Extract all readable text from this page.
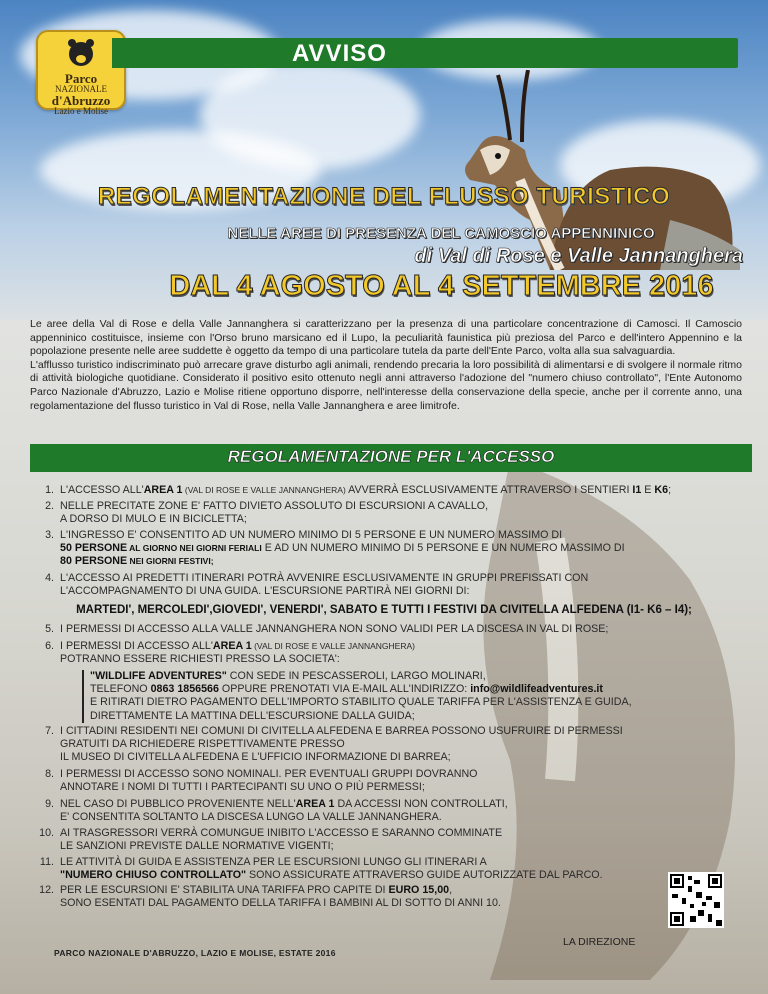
Parco
NAZIONALE
d'Abruzzo
Lazio e Molise
AVVISO
REGOLAMENTAZIONE DEL FLUSSO TURISTICO
NELLE AREE DI PRESENZA DEL CAMOSCIO APPENNINICO
di Val di Rose e Valle Jannanghera
DAL 4 AGOSTO AL 4 SETTEMBRE 2016

Le aree della Val di Rose e della Valle Jannanghera si caratterizzano per la presenza di una particolare concentrazione di Camosci. Il Camoscio appenninico costituisce, insieme con l'Orso bruno marsicano ed il Lupo, la peculiarità faunistica più preziosa del Parco e dell'intero Appennino e la popolazione presente nelle aree suddette è oggetto da tempo di una particolare tutela da parte dell'Ente Parco, volta alla sua salvaguardia.

L'afflusso turistico indiscriminato può arrecare grave disturbo agli animali, rendendo precaria la loro possibilità di alimentarsi e di svolgere il normale ritmo di attività biologiche quotidiane. Considerato il positivo esito ottenuto negli anni attraverso l'adozione del "numero chiuso controllato", l'Ente Autonomo Parco Nazionale d'Abruzzo, Lazio e Molise ritiene opportuno disporre, nell'interesse della conservazione della specie, anche per il corrente anno, una regolamentazione del flusso turistico in Val di Rose, nella Valle Jannanghera e aree limitrofe.

REGOLAMENTAZIONE PER L'ACCESSO
1. L'ACCESSO ALL'AREA 1 (VAL DI ROSE E VALLE JANNANGHERA) AVVERRÀ ESCLUSIVAMENTE ATTRAVERSO I SENTIERI I1 E K6;
2. NELLE PRECITATE ZONE E' FATTO DIVIETO ASSOLUTO DI ESCURSIONI A CAVALLO,
A DORSO DI MULO E IN BICICLETTA;
3. L'INGRESSO E' CONSENTITO AD UN NUMERO MINIMO DI 5 PERSONE E UN NUMERO MASSIMO DI
50 PERSONE AL GIORNO NEI GIORNI FERIALI E AD UN NUMERO MINIMO DI 5 PERSONE E UN NUMERO MASSIMO DI
80 PERSONE NEI GIORNI FESTIVI;
4. L'ACCESSO AI PREDETTI ITINERARI POTRÀ AVVENIRE ESCLUSIVAMENTE IN GRUPPI PREFISSATI CON
L'ACCOMPAGNAMENTO DI UNA GUIDA. L'ESCURSIONE PARTIRÀ NEI GIORNI DI:
MARTEDI', MERCOLEDI',GIOVEDI', VENERDI', SABATO E TUTTI I FESTIVI DA CIVITELLA ALFEDENA (I1- K6 – I4);
5. I PERMESSI DI ACCESSO ALLA VALLE JANNANGHERA NON SONO VALIDI PER LA DISCESA IN VAL DI ROSE;
6. I PERMESSI DI ACCESSO ALL'AREA 1 (VAL DI ROSE E VALLE JANNANGHERA)
POTRANNO ESSERE RICHIESTI PRESSO LA SOCIETA':
"WILDLIFE ADVENTURES" CON SEDE IN PESCASSEROLI, LARGO MOLINARI,
TELEFONO 0863 1856566 OPPURE PRENOTATI VIA E-MAIL ALL'INDIRIZZO: info@wildlifeadventures.it
E RITIRATI DIETRO PAGAMENTO DELL'IMPORTO STABILITO QUALE TARIFFA PER L'ASSISTENZA E GUIDA,
DIRETTAMENTE LA MATTINA DELL'ESCURSIONE DALLA GUIDA;
7. I CITTADINI RESIDENTI NEI COMUNI DI CIVITELLA ALFEDENA E BARREA POSSONO USUFRUIRE DI PERMESSI
GRATUITI DA RICHIEDERE RISPETTIVAMENTE PRESSO
IL MUSEO DI CIVITELLA ALFEDENA E L'UFFICIO INFORMAZIONE DI BARREA;
8. I PERMESSI DI ACCESSO SONO NOMINALI. PER EVENTUALI GRUPPI DOVRANNO
ANNOTARE I NOMI DI TUTTI I PARTECIPANTI SU UNO O PIÙ PERMESSI;
9. NEL CASO DI PUBBLICO PROVENIENTE NELL'AREA 1 DA ACCESSI NON CONTROLLATI,
E' CONSENTITA SOLTANTO LA DISCESA LUNGO LA VALLE JANNANGHERA.
10. AI TRASGRESSORI VERRÀ COMUNGUE INIBITO L'ACCESSO E SARANNO COMMINATE
LE SANZIONI PREVISTE DALLE NORMATIVE VIGENTI;
11. LE ATTIVITÀ DI GUIDA E ASSISTENZA PER LE ESCURSIONI LUNGO GLI ITINERARI A
"NUMERO CHIUSO CONTROLLATO" SONO ASSICURATE ATTRAVERSO GUIDE AUTORIZZATE DAL PARCO.
12. PER LE ESCURSIONI E' STABILITA UNA TARIFFA PRO CAPITE DI EURO 15,00,
SONO ESENTATI DAL PAGAMENTO DELLA TARIFFA I BAMBINI AL DI SOTTO DI ANNI 10.
LA DIREZIONE
PARCO NAZIONALE D'ABRUZZO, LAZIO E MOLISE, ESTATE 2016
